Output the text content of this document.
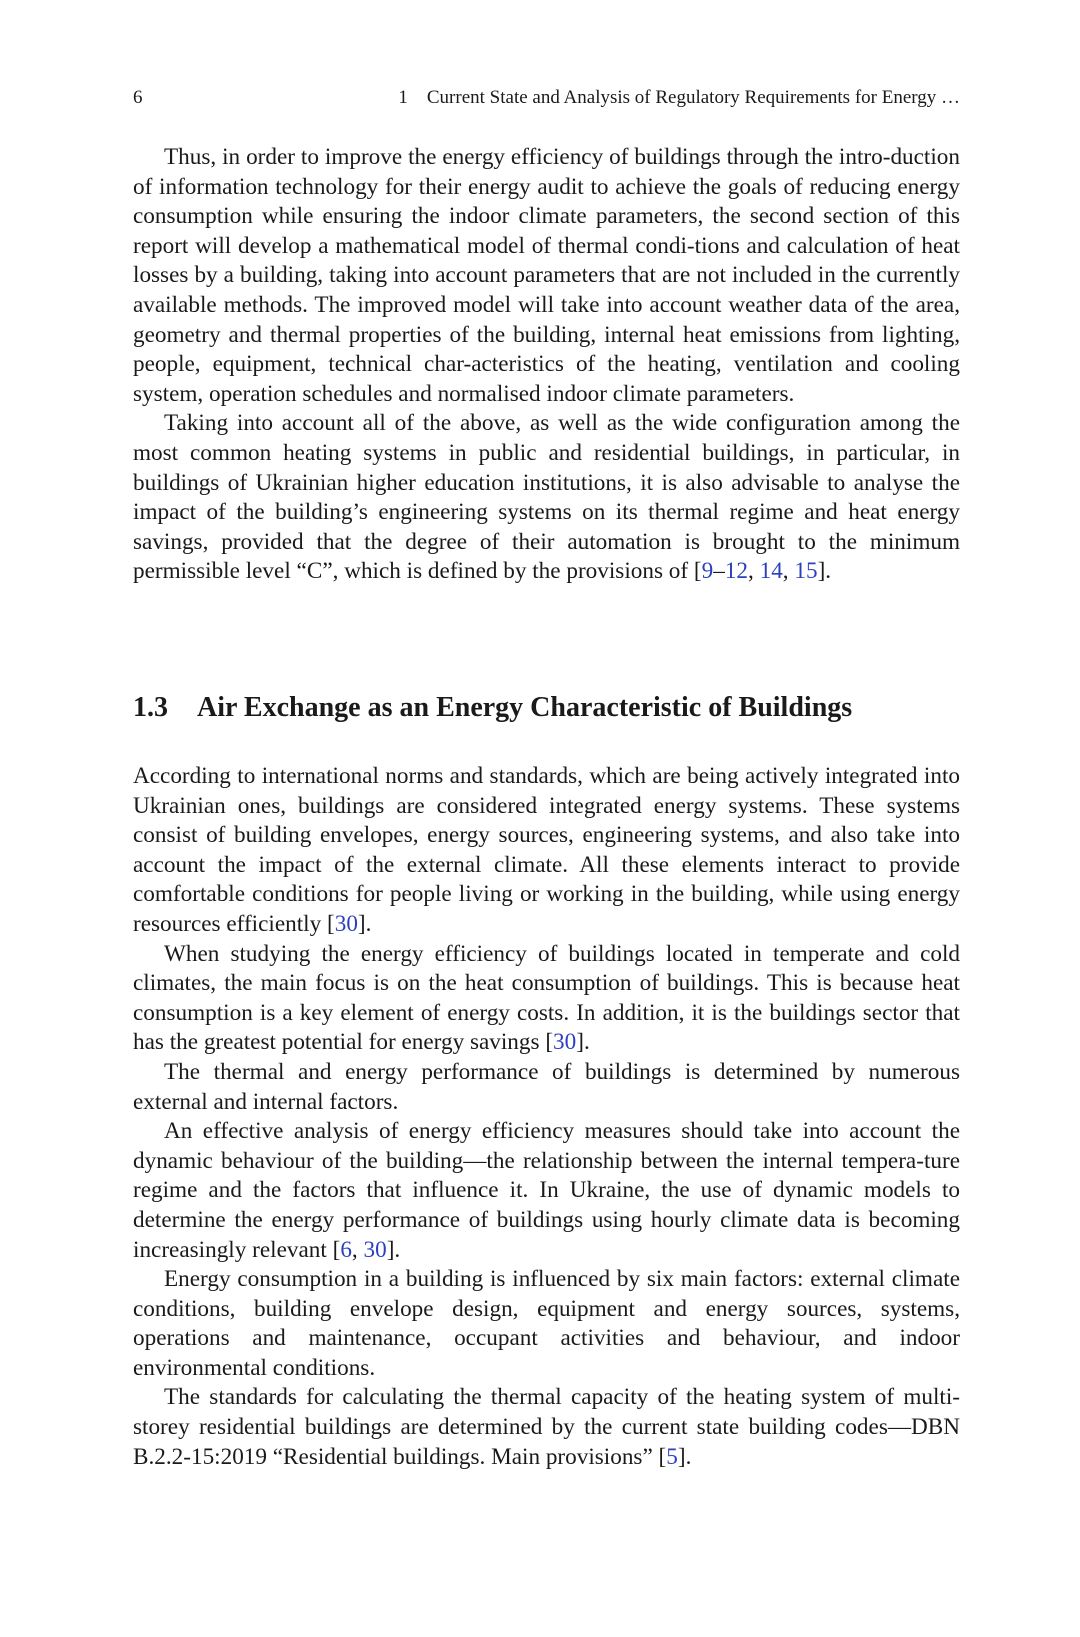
6	1 Current State and Analysis of Regulatory Requirements for Energy …

Thus, in order to improve the energy efficiency of buildings through the intro-duction of information technology for their energy audit to achieve the goals of reducing energy consumption while ensuring the indoor climate parameters, the second section of this report will develop a mathematical model of thermal condi-tions and calculation of heat losses by a building, taking into account parameters that are not included in the currently available methods. The improved model will take into account weather data of the area, geometry and thermal properties of the building, internal heat emissions from lighting, people, equipment, technical char-acteristics of the heating, ventilation and cooling system, operation schedules and normalised indoor climate parameters.

Taking into account all of the above, as well as the wide configuration among the most common heating systems in public and residential buildings, in particular, in buildings of Ukrainian higher education institutions, it is also advisable to analyse the impact of the building’s engineering systems on its thermal regime and heat energy savings, provided that the degree of their automation is brought to the minimum permissible level “C”, which is defined by the provisions of [9–12, 14, 15].

1.3 Air Exchange as an Energy Characteristic of Buildings

According to international norms and standards, which are being actively integrated into Ukrainian ones, buildings are considered integrated energy systems. These systems consist of building envelopes, energy sources, engineering systems, and also take into account the impact of the external climate. All these elements interact to provide comfortable conditions for people living or working in the building, while using energy resources efficiently [30].

When studying the energy efficiency of buildings located in temperate and cold climates, the main focus is on the heat consumption of buildings. This is because heat consumption is a key element of energy costs. In addition, it is the buildings sector that has the greatest potential for energy savings [30].

The thermal and energy performance of buildings is determined by numerous external and internal factors.

An effective analysis of energy efficiency measures should take into account the dynamic behaviour of the building—the relationship between the internal tempera-ture regime and the factors that influence it. In Ukraine, the use of dynamic models to determine the energy performance of buildings using hourly climate data is becoming increasingly relevant [6, 30].

Energy consumption in a building is influenced by six main factors: external climate conditions, building envelope design, equipment and energy sources, systems, operations and maintenance, occupant activities and behaviour, and indoor environmental conditions.

The standards for calculating the thermal capacity of the heating system of multi-storey residential buildings are determined by the current state building codes—DBN B.2.2-15:2019 “Residential buildings. Main provisions” [5].
